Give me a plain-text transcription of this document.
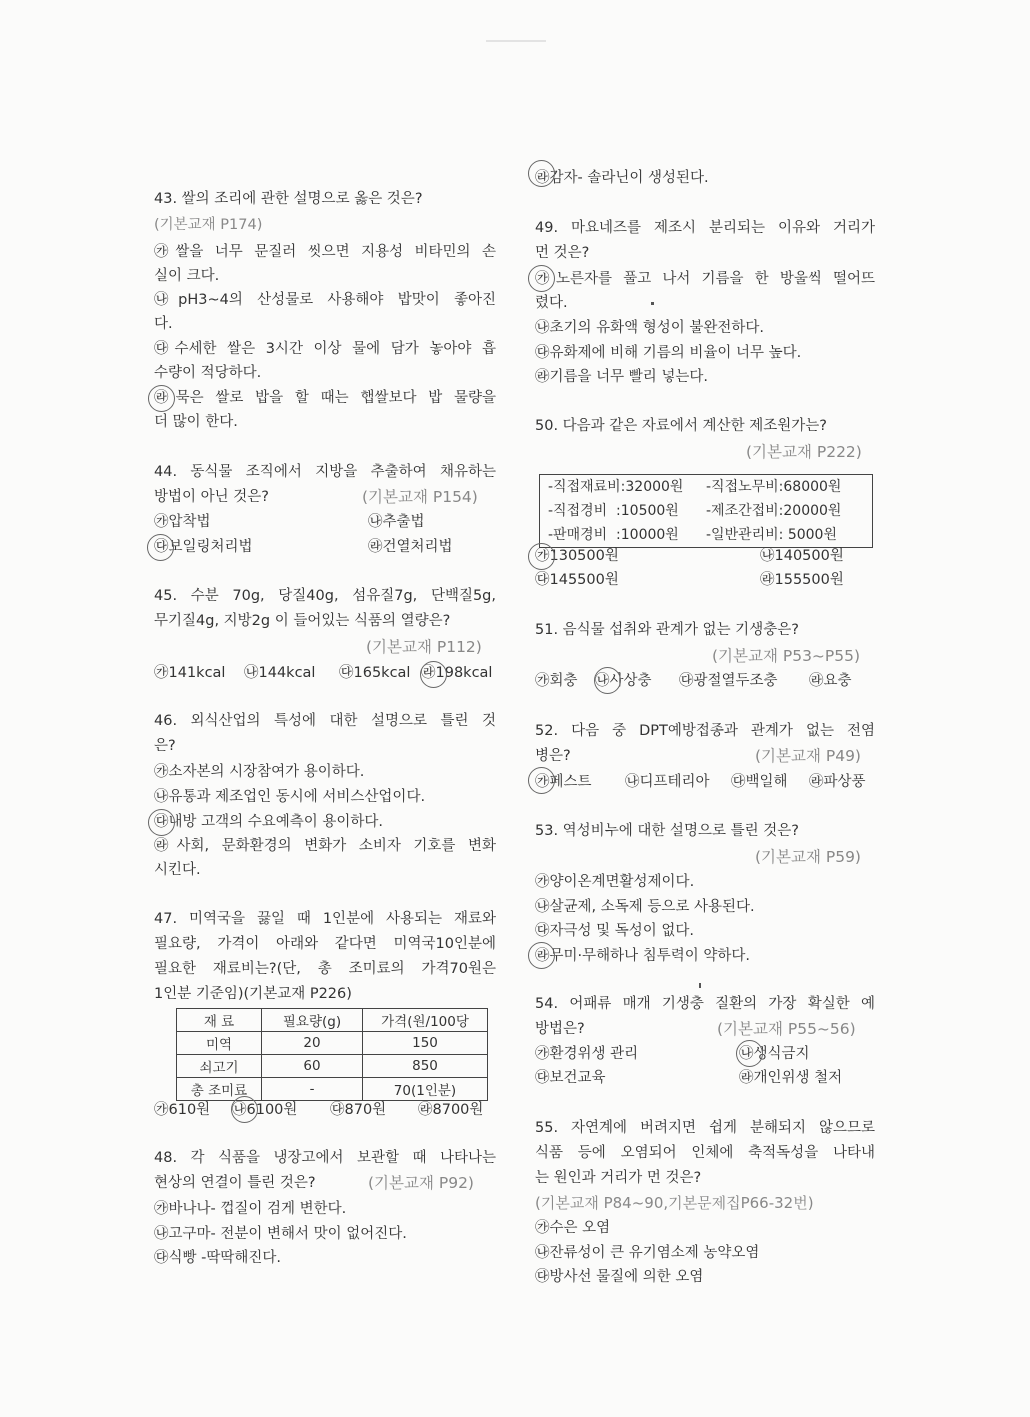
43. 쌀의 조리에 관한 설명으로 옳은 것은?
(기본교재 P174)
㉮쌀을 너무 문질러 씻으면 지용성 비타민의 손
실이 크다.
㉯pH3~4의 산성물로 사용해야 밥맛이 좋아진
다.
㉰수세한 쌀은 3시간 이상 물에 담가 놓아야 흡
수량이 적당하다.
㉱묵은 쌀로 밥을 할 때는 햅쌀보다 밥 물량을
더 많이 한다.
44. 동식물 조직에서 지방을 추출하여 채유하는
방법이 아닌 것은?	(기본교재 P154)
㉮압착법	㉯추출법
㉰보일링처리법	㉱건열처리법
45. 수분 70g, 당질40g, 섬유질7g, 단백질5g,
무기질4g, 지방2g 이 들어있는 식품의 열량은?
(기본교재 P112)
㉮141kcal ㉯144kcal ㉰165kcal ㉱198kcal
46. 외식산업의 특성에 대한 설명으로 틀린 것
은?
㉮소자본의 시장참여가 용이하다.
㉯유통과 제조업인 동시에 서비스산업이다.
㉰내방 고객의 수요예측이 용이하다.
㉱사회, 문화환경의 변화가 소비자 기호를 변화
시킨다.
47. 미역국을 끓일 때 1인분에 사용되는 재료와
필요량, 가격이 아래와 같다면 미역국10인분에
필요한 재료비는?(단, 총 조미료의 가격70원은
1인분 기준임)(기본교재 P226)
재 료	필요량(g)	가격(원/100당
미역	20	150
쇠고기	60	850
총 조미료	-	70(1인분)
㉮610원 ㉯6100원 ㉰870원 ㉱8700원
48. 각 식품을 냉장고에서 보관할 때 나타나는
현상의 연결이 틀린 것은?	(기본교재 P92)
㉮바나나- 껍질이 검게 변한다.
㉯고구마- 전분이 변해서 맛이 없어진다.
㉰식빵 -딱딱해진다.
㉱감자- 솔라닌이 생성된다.
49. 마요네즈를 제조시 분리되는 이유와 거리가
먼 것은?
㉮노른자를 풀고 나서 기름을 한 방울씩 떨어뜨
렸다.
㉯초기의 유화액 형성이 불완전하다.
㉰유화제에 비해 기름의 비율이 너무 높다.
㉱기름을 너무 빨리 넣는다.
50. 다음과 같은 자료에서 계산한 제조원가는?
(기본교재 P222)
-직접재료비:32000원 -직접노무비:68000원
-직접경비  :10500원 -제조간접비:20000원
-판매경비  :10000원 -일반관리비: 5000원
㉮130500원	㉯140500원
㉰145500원	㉱155500원
51. 음식물 섭취와 관계가 없는 기생충은?
(기본교재 P53~P55)
㉮회충 ㉯사상충 ㉰광절열두조충 ㉱요충
52. 다음 중 DPT예방접종과 관계가 없는 전염
병은?	(기본교재 P49)
㉮페스트 ㉯디프테리아 ㉰백일해 ㉱파상풍
53. 역성비누에 대한 설명으로 틀린 것은?
(기본교재 P59)
㉮양이온계면활성제이다.
㉯살균제, 소독제 등으로 사용된다.
㉰자극성 및 독성이 없다.
㉱무미·무해하나 침투력이 약하다.
54. 어패류 매개 기생충 질환의 가장 확실한 예
방법은?	(기본교재 P55~56)
㉮환경위생 관리	㉯생식금지
㉰보건교육	㉱개인위생 철저
55. 자연계에 버려지면 쉽게 분해되지 않으므로
식품 등에 오염되어 인체에 축적독성을 나타내
는 원인과 거리가 먼 것은?
(기본교재 P84~90,기본문제집P66-32번)
㉮수은 오염
㉯잔류성이 큰 유기염소제 농약오염
㉰방사선 물질에 의한 오염
